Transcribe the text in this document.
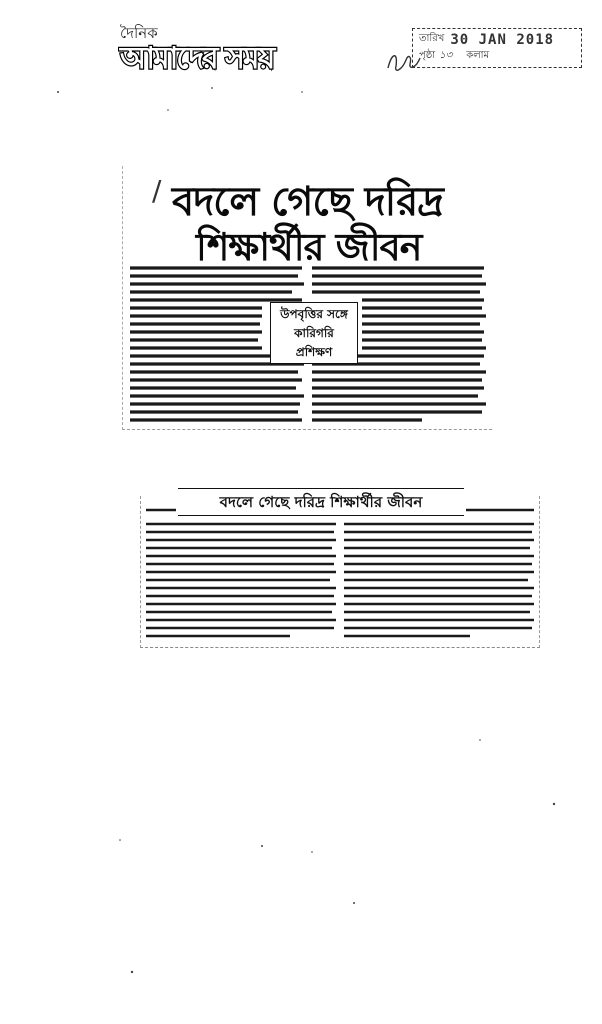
দৈনিক
আমাদের সময়
তারিখ 30 JAN 2018
পৃষ্ঠা ১৩ কলাম
/ বদলে গেছে দরিদ্র
শিক্ষার্থীর জীবন
উপবৃত্তির সঙ্গে
কারিগরি
প্রশিক্ষণ
বদলে গেছে দরিদ্র শিক্ষার্থীর জীবন
